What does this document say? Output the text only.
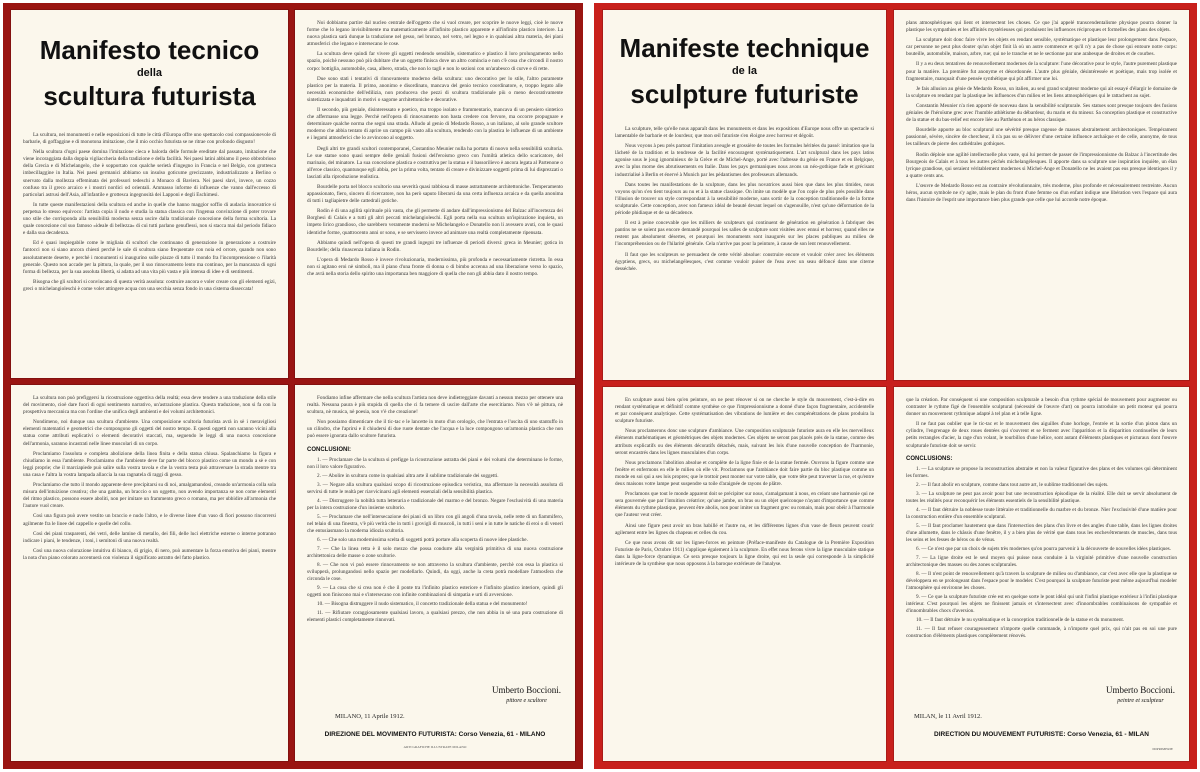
Manifesto tecnico
della
scultura futurista

La scultura, nei monumenti e nelle esposizioni di tutte le città d'Europa offre uno spettacolo così compassionevole di barbarie, di goffaggine e di monotona imitazione, che il mio occhio futurista se ne ritrae con profondo disgusto!

Nella scultura d'ogni paese domina l'imitazione cieca e balorda delle formule ereditate dal passato, imitazione che viene incoraggiata dalla doppia vigliaccheria della tradizione e della facilità. Nei paesi latini abbiamo il peso obbrobrioso della Grecia e di Michelangelo, che è sopportato con qualche serietà d'ingegno in Francia e nel Belgio, con grottesca imbecillaggine in Italia. Nei paesi germanici abbiamo un insulso goticume grecizzante, industrializzato a Berlino o snervato dalla mollezza effeminata dei professori tedeschi a Monaco di Baviera. Nei paesi slavi, invece, un cozzo confuso tra il greco arcaico e i mostri nordici od orientali. Ammasso informe di influenze che vanno dall'eccesso di particolari astrusi dell'Asia, all'infantile e grottesca ingegnosità dei Lapponi e degli Eschimesi.

In tutte queste manifestazioni della scultura ed anche in quelle che hanno maggior soffio di audacia innovatrice si perpetua lo stesso equivoco: l'artista copia il nudo e studia la statua classica con l'ingenua convinzione di poter trovare uno stile che corrisponda alla sensibilità moderna senza uscire dalla tradizionale concezione della forma scultoria. La quale concezione col suo famoso «ideale di bellezza» di cui tutti parlano genuflessi, non si stacca mai dal periodo fidiaco e dalla sua decadenza.

Ed è quasi inspiegabile come le migliaia di scultori che continuano di generazione in generazione a costruire fantocci non si siano ancora chiesti perchè le sale di scultura siano frequentate con noia ed orrore, quando non sono assolutamente deserte, e perchè i monumenti si inaugurino sulle piazze di tutto il mondo fra l'incomprensione o l'ilarità generale. Questo non accade per la pittura, la quale, per il suo rinnovamento lento ma continuo, per la mancanza di ogni forma di bellezza, per la sua assoluta libertà, si adatta ad una vita più vasta e più intensa di idee e di sentimenti.

Bisogna che gli scultori si convincano di questa verità assoluta: costruire ancora e voler creare con gli elementi egizi, greci o michelangioleschi è come voler attingere acqua con una secchia senza fondo in una cisterna disseccata!

Noi dobbiamo partire dal nucleo centrale dell'oggetto che si vuol creare, per scoprire le nuove leggi, cioè le nuove forme che lo legano invisibilmente ma matematicamente all'infinito plastico apparente e all'infinito plastico interiore. La nuova plastica sarà dunque la traduzione nel gesso, nel bronzo, nel vetro, nel legno e in qualsiasi altra materia, dei piani atmosferici che legano e intersecano le cose.

La scultura deve quindi far vivere gli oggetti rendendo sensibile, sistematico e plastico il loro prolungamento nello spazio, poichè nessuno può più dubitare che un oggetto finisca dove un altro comincia e non c'è cosa che circondi il nostro corpo: bottiglia, automobile, casa, albero, strada, che non lo tagli e non lo sezioni con un'arabesco di curve e di rette.

Due sono stati i tentativi di rinnovamento moderno della scultura: uno decorativo per lo stile, l'altro puramente plastico per la materia. Il primo, anonimo e disordinato, mancava del genio tecnico coordinatore, e, troppo legato alle necessità economiche dell'edilizia, non produceva che pezzi di scultura tradizionale più o meno decorativamente sintetizzata e inquadrati in motivi o sagome architettoniche e decorative.

Il secondo, più geniale, disinteressato e poetico, ma troppo isolato e frammentario, mancava di un pensiero sintetico che affermasse una legge. Perchè nell'opera di rinnovamento non basta credere con fervore, ma occorre propugnare e determinare qualche norma che segni una strada. Alludo al genio di Medardo Rosso, a un italiano, al solo grande scultore moderno che abbia tentato di aprire un campo più vasto alla scultura, rendendo con la plastica le influenze di un ambiente e i legami atmosferici che lo avvincono al soggetto.

Degli altri tre grandi scultori contemporanei, Costantino Meunier nulla ha portato di nuovo nella sensibilità scultoria. Le sue statue sono quasi sempre delle geniali fusioni dell'eroismo greco con l'umiltà atletica dello scaricatore, del marinaio, del minatore. La sua concezione plastica e costruttiva per la statua e il bassorilievo è ancora legata al Partenone o all'eroe classico, quantunque egli abbia, per la prima volta, tentato di creare e divinizzare soggetti prima di lui disprezzati o lasciati alla riproduzione realistica.

Bourdelle porta nel blocco scultorio una severità quasi rabbiosa di masse astrattamente architettoniche. Temperamento appassionato, fiero, sincero di ricercatore, non ha però saputo liberarsi da una certa influenza arcaica e da quella anonima di tutti i tagliapietre delle cattedrali gotiche.

Rodin è di una agilità spirituale più vasta, che gli permette di andare dall'impressionismo del Balzac all'incertezza dei Borghesi di Calais e a tutti gli altri peccati michelangioleschi. Egli porta nella sua scultura un'ispirazione inquieta, un impeto lirico grandioso, che sarebbero veramente moderni se Michelangelo e Donatello non li avessero avuti, con le quasi identiche forme, quattrocento anni or sono, e se servissero invece ad animare una realtà completamente ripensata.

Abbiamo quindi nell'opera di questi tre grandi ingegni tre influenze di periodi diversi: greca in Meunier; gotica in Bourdelle; della rinascenza italiana in Rodin.

L'opera di Medardo Rosso è invece rivoluzionaria, modernissima, più profonda e necessariamente ristretta. In essa non si agitano eroi nè simboli, ma il piano d'una fronte di donna o di bimbo accenna ad una liberazione verso lo spazio, che avrà nella storia dello spirito una importanza ben maggiore di quella che non gli abbia dato il nostro tempo.

La scultura non può prefiggersi la ricostruzione oggettiva della realtà; essa deve tendere a una traduzione della stile del movimento, cioè dare fuori di ogni sentimento narrativo, un'astrazione plastica. Questa traduzione, non si fa con la prospettiva meccanica ma con l'ordine che unifica degli ambienti e dei volumi architettonici.

Nondimeno, noi dunque una scultura d'ambiente. Una composizione scultoria futurista avrà in sè i meravigliosi elementi matematici e geometrici che compongono gli oggetti del nostro tempo. E questi oggetti non saranno vicini alla statua come attributi esplicativi o elementi decorativi staccati, ma, seguendo le leggi di una nuova concezione dell'armonia, saranno incastrati nelle linee muscolari di un corpo.

Proclamiamo l'assoluta e completa abolizione della linea finita e della statua chiusa. Spalanchiamo la figura e chiudiamo in essa l'ambiente. Proclamiamo che l'ambiente deve far parte del blocco plastico come un mondo a sè e con leggi proprie; che il marciapiede può salire sulla vostra tavola e che la vostra testa può attraversare la strada mentre tra una casa e l'altra la vostra lampada allaccia la sua ragnatela di raggi di gesso.

Proclamiamo che tutto il mondo apparente deve precipitarsi su di noi, amalgamandosi, creando un'armonia colla sola misura dell'intuizione creativa; che una gamba, un braccio o un oggetto, non avendo importanza se non come elementi del ritmo plastico, possono essere aboliti, non per imitare un frammento greco o romano, ma per ubbidire all'armonia che l'autore vuol creare.

Così una figura può avere vestito un braccio e nudo l'altro, e le diverse linee d'un vaso di fiori possono rincorrersi agilmente fra le linee del cappello e quelle del collo.

Così dei piani trasparenti, dei vetri, delle lamine di metallo, dei fili, delle luci elettriche esterne o interne potranno indicare i piani, le tendenze, i toni, i semitoni di una nuova realtà.

Così una nuova colorazione intuitiva di bianco, di grigio, di nero, può aumentare la forza emotiva dei piani, mentre la nota d'un piano colorato accentuerà con violenza il significato astratto del fatto plastico.

Fondiamo infine affermare che nella scultura l'artista non deve indietreggiare davanti a nessun mezzo per ottenere una realtà. Nessuna paura è più stupida di quella che ci fa temere di uscire dall'arte che esercitiamo. Non v'è nè pittura, nè scultura, nè musica, nè poesia, non v'è che creazione!

Non possiamo dimenticare che il tic-tac e le lancette in moto d'un orologio, che l'entrata e l'uscita di uno stantuffo in un cilindro, che l'aprirsi e il chiudersi di due ruote dentate che l'acqua e la luce compongono un'armonia plastica che non può essere ignorata dallo scultore futurista.

CONCLUSIONI:

1. — Proclamare che la scultura si prefigge la ricostruzione astratta dei piani e dei volumi che determinano le forme, non il loro valore figurativo.

2. — Abolire in scultura come in qualsiasi altra arte il sublime tradizionale dei soggetti.

3. — Negare alla scultura qualsiasi scopo di ricostruzione episodica veristica, ma affermare la necessità assoluta di servirsi di tutte le realtà per riavvicinarsi agli elementi essenziali della sensibilità plastica.

4. — Distruggere la nobiltà tutta letteraria e tradizionale del marmo e del bronzo. Negare l'esclusività di una materia per la intera costruzione d'un insieme scultorio.

5. — Proclamare che nell'intersecazione dei piani di un libro con gli angoli d'una tavola, nelle rette di un fiammifero, nel telaio di una finestra, v'è più verità che in tutti i grovigli di muscoli, in tutti i seni e in tutte le natiche di eroi o di veneri che entusiasmano la moderna idiozia scultoria.

6. — Che solo una modernissima scelta di soggetti potrà portare alla scoperta di nuove idee plastiche.

7. — Che la linea retta è il solo mezzo che possa condurre alla verginità primitiva di una nuova costruzione architettonica delle masse o zone scultorie.

8. — Che non vi può essere rinnovamento se non attraverso la scultura d'ambiente, perchè con essa la plastica si svilupperà, prolungandosi nello spazio per modellarlo. Quindi, da oggi, anche la creta potrà modellare l'atmosfera che circonda le cose.

9. — La cosa che si crea non è che il ponte tra l'infinito plastico esteriore e l'infinito plastico interiore, quindi gli oggetti non finiscono mai e s'intersecano con infinite combinazioni di simpatia e urti di avversione.

10. — Bisogna distruggere il nudo sistematico, il concetto tradizionale della statua e del monumento!

11. — Rifiutare coraggiosamente qualsiasi lavoro, a qualsiasi prezzo, che non abbia in sè una pura costruzione di elementi plastici completamente rinnovati.

Umberto Boccioni.
pittore e scultore
MILANO, 11 Aprile 1912.
DIREZIONE DEL MOVIMENTO FUTURISTA: Corso Venezia, 61 - MILANO
ARTI GRAFICHE ILLUSTRATE MILANO
Manifeste technique
de la
sculpture futuriste

La sculpture, telle qu'elle nous apparaît dans les monuments et dans les expositions d'Europe nous offre un spectacle si lamentable de barbarie et de lourdeur, que mon œil futuriste s'en éloigne avec horreur et dégoût.

Nous voyons à peu près partout l'imitation aveugle et grossière de toutes les formules héritées du passé: imitation que la lâcheté de la tradition et la tendresse de la facilité encouragent systématiquement. L'art sculptural dans les pays latins agonise sous le joug ignominieux de la Grèce et de Michel-Ange, porté avec l'adresse du génie en France et en Belgique, avec la plus morne des abrutissements en Italie. Dans les pays germaniques nous avons un néo-gothique fade et grécisant industrialisé à Berlin et énervé à Munich par les pédantismes des professeurs allemands.

Dans toutes les manifestations de la sculpture, dans les plus novatrices aussi bien que dans les plus timides, nous voyons qu'on s'en tient toujours au nu et à la statue classique. On imite un modèle que l'on copie de plus près possible dans l'illusion de trouver un style correspondant à la sensibilité moderne, sans sortir de la conception traditionnelle de la forme sculpturale. Cette conception, avec son fameux idéal de beauté devant lequel on s'agenouille, n'est qu'une déformation de la période phidiaque et de sa décadence.

Il est à peine concevable que les milliers de sculpteurs qui continuent de génération en génération à fabriquer des pantins ne se soient pas encore demandé pourquoi les salles de sculpture sont visitées avec ennui et horreur, quand elles ne restent pas absolument désertes, et pourquoi les monuments sont inaugurés sur les places publiques au milieu de l'incompréhension ou de l'hilarité générale. Cela n'arrive pas pour la peinture, à cause de son lent renouvellement.

Il faut que les sculpteurs se persuadent de cette vérité absolue: construire encore et vouloir créer avec les éléments égyptiens, grecs, ou michelangélesques, c'est comme vouloir puiser de l'eau avec un seau défoncé dans une citerne desséchée.

plans atmosphériques qui lient et intersectent les choses. Ce que j'ai appelé transcendentalisme physique pourra donner la plastique les sympathies et les affinités mystérieuses qui produisent les influences réciproques et formelles des plans des objets.

La sculpture doit donc faire vivre les objets en rendant sensible, systématique et plastique leur prolongement dans l'espace, car personne ne peut plus douter qu'un objet finit là où un autre commence et qu'il n'y a pas de chose qui entoure notre corps: bouteille, automobile, maison, arbre, rue; qui ne le tranche et ne le sectionne par une arabesque de droites et de courbes.

Il y a eu deux tentatives de renouvellement modernes de la sculpture: l'une décorative pour le style, l'autre purement plastique pour la matière. La première fut anonyme et désordonnée. L'autre plus géniale, désintéressée et poétique, mais trop isolée et fragmentaire, manquait d'une pensée synthétique qui pût affirmer une loi.

Je fais allusion au génie de Medardo Rosso, un italien, au seul grand sculpteur moderne qui ait essayé d'élargir le domaine de la sculpture en rendant par la plastique les influences d'un milieu et les liens atmosphériques qui le rattachent au sujet.

Constantin Meunier n'a rien apporté de nouveau dans la sensibilité sculpturale. Ses statues sont presque toujours des fusions géniales de l'héroïsme grec avec l'humble athlétisme du débardeur, du marin et du mineur. Sa conception plastique et constructive de la statue et du bas-relief est encore liée au Parthénon et au héros classique.

Bourdelle apporte au bloc sculptural une sévérité presque rageuse de masses abstraitement architectoniques. Tempérament passionné, sévère, sincère de chercheur, il n'a pas su se délivrer d'une certaine influence archaïque et de celle, anonyme, de tous les tailleurs de pierre des cathédrales gothiques.

Rodin déploie une agilité intellectuelle plus vaste, qui lui permet de passer de l'impressionnisme du Balzac à l'incertitude des Bourgeois de Calais et à tous les autres péchés michelangélesques. Il apporte dans sa sculpture une inspiration inquiète, un élan lyrique grandiose, qui seraient véritablement modernes si Michel-Ange et Donatello ne les avaient pas eus presque identiques il y a quatre cents ans.

L'œuvre de Medardo Rosso est au contraire révolutionnaire, très moderne, plus profonde et nécessairement restreinte. Aucun héros, aucun symbole ne s'y agite, mais le plan du front d'une femme ou d'un enfant indique une libération vers l'espace qui aura dans l'histoire de l'esprit une importance bien plus grande que celle que lui accorde notre époque.

En sculpture aussi bien qu'en peinture, on ne peut rénover si on ne cherche le style du mouvement, c'est-à-dire en rendant systématique et définitif comme synthèse ce que l'impressionnisme a donné d'une façon fragmentaire, accidentelle et par conséquent analytique. Cette systématisation des vibrations de lumière et des compénétrations de plans produira la sculpture futuriste.

Nous proclamerons donc une sculpture d'ambiance. Une composition sculpturale futuriste aura en elle les merveilleux éléments mathématiques et géométriques des objets modernes. Ces objets ne seront pas placés près de la statue, comme des attributs explicatifs ou des éléments décoratifs détachés, mais, suivant les lois d'une nouvelle conception de l'harmonie, seront encastrés dans les lignes musculaires d'un corps.

Nous proclamons l'abolition absolue et complète de la ligne finie et de la statue fermée. Ouvrons la figure comme une fenêtre et enfermons en elle le milieu où elle vit. Proclamons que l'ambiance doit faire partie du bloc plastique comme un monde en soi qui a ses lois propres; que le trottoir peut monter sur votre table, que votre tête peut traverser la rue, et qu'entre deux maisons votre lampe peut suspendre sa toile d'araignée de rayons de plâtre.

Proclamons que tout le monde apparent doit se précipiter sur nous, s'amalgamant à nous, en créant une harmonie qui ne sera gouvernée que par l'intuition créatrice; qu'une jambe, un bras ou un objet quelconque n'ayant d'importance que comme éléments du rythme plastique, peuvent être abolis, non pour imiter un fragment grec ou romain, mais pour obéir à l'harmonie que l'auteur veut créer.

Ainsi une figure peut avoir un bras habillé et l'autre nu, et les différentes lignes d'un vase de fleurs peuvent courir agilement entre les lignes du chapeau et celles du cou.

Ce que nous avons dit sur les lignes-forces en peinture (Préface-manifeste du Catalogue de la Première Exposition Futuriste de Paris, Octobre 1911) s'applique également à la sculpture. En effet nous ferons vivre la ligne musculaire statique dans la ligne-force dynamique. Ce sera presque toujours la ligne droite, qui est la seule qui corresponde à la simplicité intérieure de la synthèse que nous opposons à la baroque extérieure de l'analyse.

que la création. Par conséquent si une composition sculpturale a besoin d'un rythme spécial de mouvement pour augmenter ou contraster le rythme figé de l'ensemble sculptural (nécessité de l'œuvre d'art) on pourra introduire un petit moteur qui pourra donner un mouvement rythmique adapté à tel plan et à telle ligne.

Il ne faut pas oublier que le tic-tac et le mouvement des aiguilles d'une horloge, l'entrée et la sortie d'un piston dans un cylindre, l'engrenage de deux roues dentées qui s'ouvrent et se ferment avec l'apparition et la disparition continuelles de leurs petits rectangles d'acier, la rage d'un volant, le tourbillon d'une hélice, sont autant d'éléments plastiques et picturaux dont l'œuvre sculpturale futuriste doit se servir.

CONCLUSIONS:

1. — La sculpture se propose la reconstruction abstraite et non la valeur figurative des plans et des volumes qui déterminent les formes.

2. — Il faut abolir en sculpture, comme dans tout autre art, le sublime traditionnel des sujets.

3. — La sculpture ne peut pas avoir pour but une reconstruction épisodique de la réalité. Elle doit se servir absolument de toutes les réalités pour reconquérir les éléments essentiels de la sensibilité plastique.

4. — Il faut détruire la noblesse toute littéraire et traditionnelle du marbre et du bronze. Nier l'exclusivité d'une matière pour la construction entière d'un ensemble sculptural.

5. — Il faut proclamer hautement que dans l'intersection des plans d'un livre et des angles d'une table, dans les lignes droites d'une allumette, dans le châssis d'une fenêtre, il y a bien plus de vérité que dans tous les enchevêtrements de muscles, dans tous les seins et les fesses de héros ou de vénus.

6. — Ce n'est que par un choix de sujets très modernes qu'on pourra parvenir à la découverte de nouvelles idées plastiques.

7. — La ligne droite est le seul moyen qui puisse nous conduire à la virginité primitive d'une nouvelle construction architectonique des masses ou des zones sculpturales.

8. — Il n'est point de renouvellement qu'à travers la sculpture de milieu ou d'ambiance, car c'est avec elle que la plastique se développera en se prolongeant dans l'espace pour le modeler. C'est pourquoi la sculpture futuriste peut même aujourd'hui modeler l'atmosphère qui environne les choses.

9. — Ce que la sculpture futuriste crée est en quelque sorte le pont idéal qui unit l'infini plastique extérieur à l'infini plastique intérieur. C'est pourquoi les objets ne finissent jamais et s'intersectent avec d'innombrables combinaisons de sympathie et d'innombrables chocs d'aversion.

10. — Il faut détruire le nu systématique et la conception traditionnelle de la statue et du monument.

11. — Il faut refuser courageusement n'importe quelle commande, à n'importe quel prix, qui n'ait pas en soi une pure construction d'éléments plastiques complètement rénovés.

Umberto Boccioni.
peintre et sculpteur
MILAN, le 11 Avril 1912.
DIRECTION DU MOUVEMENT FUTURISTE: Corso Venezia, 61 - MILAN
IMPRIMERIE
